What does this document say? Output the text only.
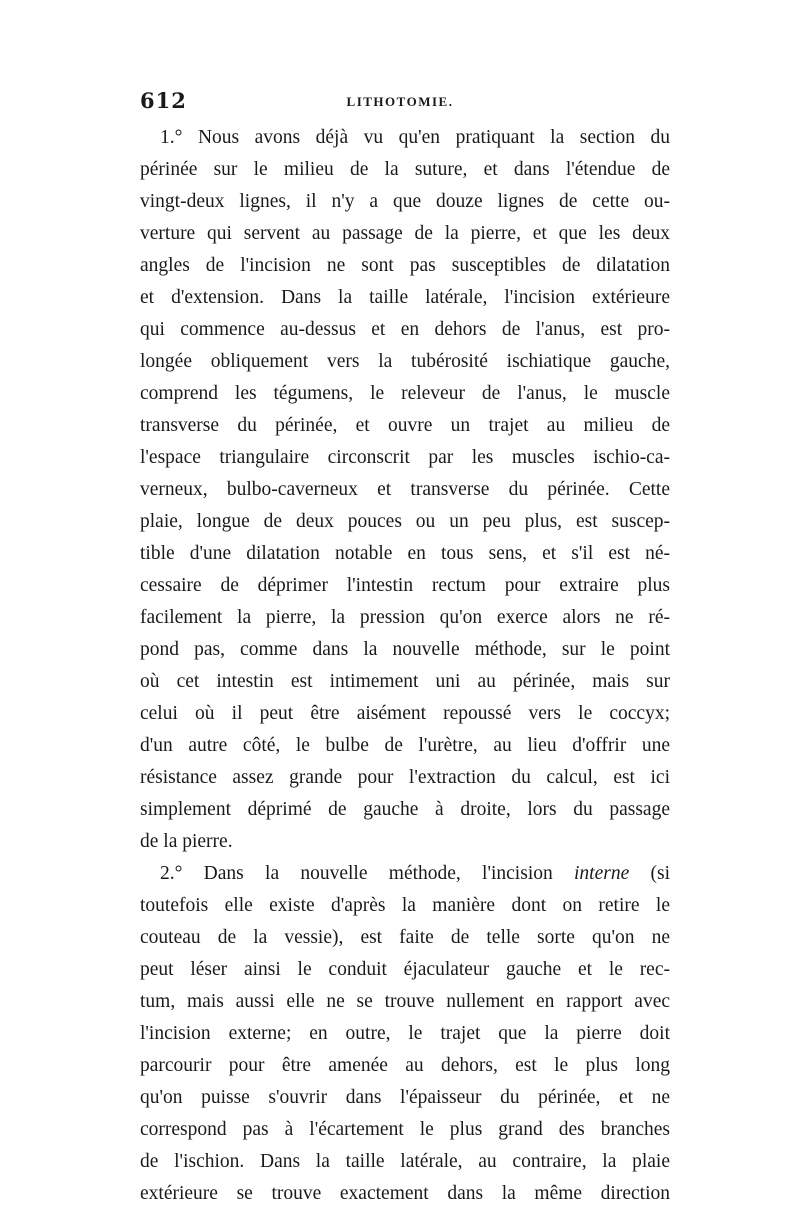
612	LITHOTOMIE.
1.° Nous avons déjà vu qu'en pratiquant la section du
périnée sur le milieu de la suture, et dans l'étendue de
vingt-deux lignes, il n'y a que douze lignes de cette ou-
verture qui servent au passage de la pierre, et que les deux
angles de l'incision ne sont pas susceptibles de dilatation
et d'extension. Dans la taille latérale, l'incision extérieure
qui commence au-dessus et en dehors de l'anus, est pro-
longée obliquement vers la tubérosité ischiatique gauche,
comprend les tégumens, le releveur de l'anus, le muscle
transverse du périnée, et ouvre un trajet au milieu de
l'espace triangulaire circonscrit par les muscles ischio-ca-
verneux, bulbo-caverneux et transverse du périnée. Cette
plaie, longue de deux pouces ou un peu plus, est suscep-
tible d'une dilatation notable en tous sens, et s'il est né-
cessaire de déprimer l'intestin rectum pour extraire plus
facilement la pierre, la pression qu'on exerce alors ne ré-
pond pas, comme dans la nouvelle méthode, sur le point
où cet intestin est intimement uni au périnée, mais sur
celui où il peut être aisément repoussé vers le coccyx;
d'un autre côté, le bulbe de l'urètre, au lieu d'offrir une
résistance assez grande pour l'extraction du calcul, est ici
simplement déprimé de gauche à droite, lors du passage
de la pierre.
2.° Dans la nouvelle méthode, l'incision interne (si
toutefois elle existe d'après la manière dont on retire le
couteau de la vessie), est faite de telle sorte qu'on ne
peut léser ainsi le conduit éjaculateur gauche et le rec-
tum, mais aussi elle ne se trouve nullement en rapport avec
l'incision externe; en outre, le trajet que la pierre doit
parcourir pour être amenée au dehors, est le plus long
qu'on puisse s'ouvrir dans l'épaisseur du périnée, et ne
correspond pas à l'écartement le plus grand des branches
de l'ischion. Dans la taille latérale, au contraire, la plaie
extérieure se trouve exactement dans la même direction
